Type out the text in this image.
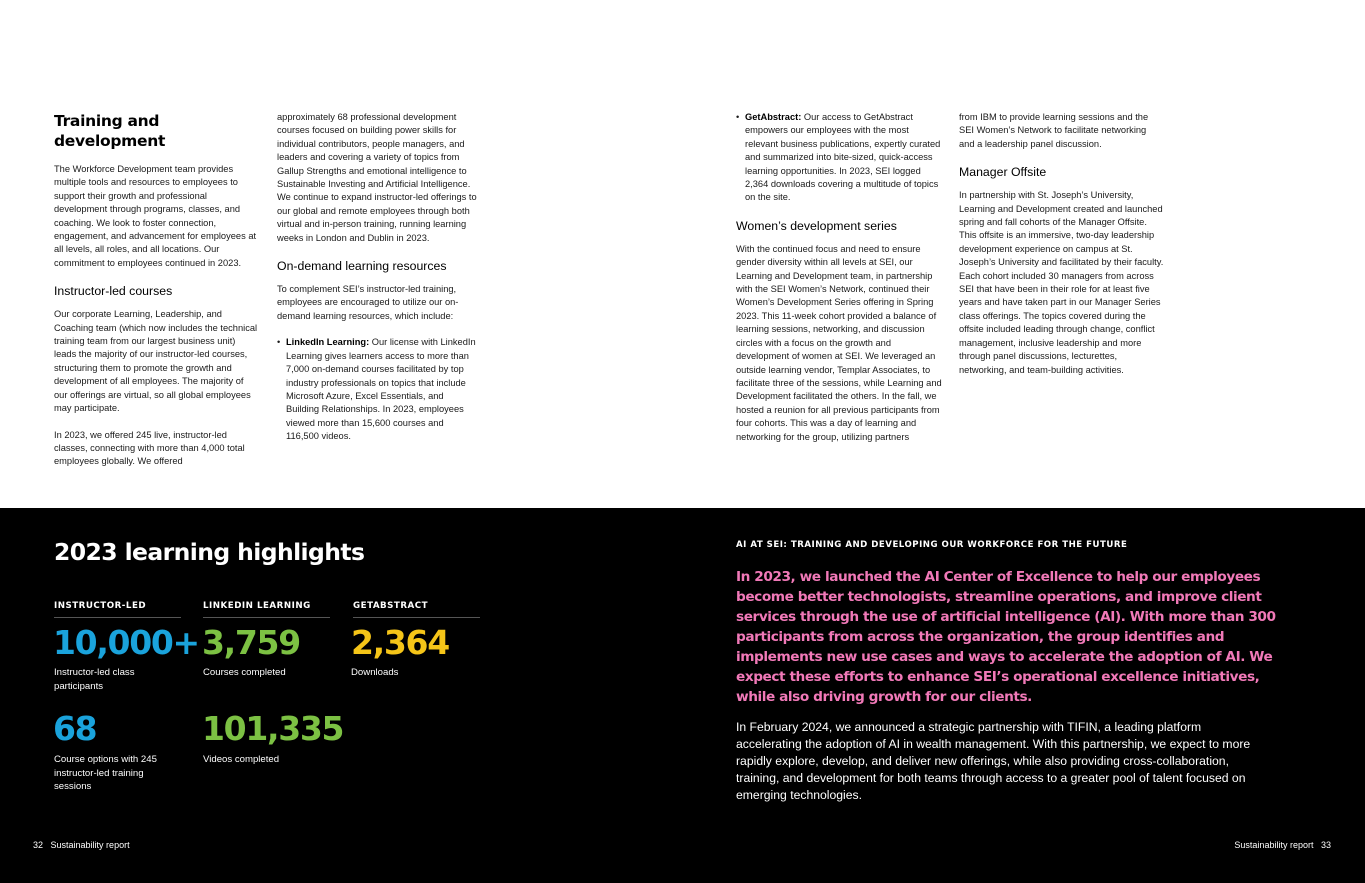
Training and development

The Workforce Development team provides multiple tools and resources to employees to support their growth and professional development through programs, classes, and coaching. We look to foster connection, engagement, and advancement for employees at all levels, all roles, and all locations. Our commitment to employees continued in 2023.

Instructor-led courses

Our corporate Learning, Leadership, and Coaching team (which now includes the technical training team from our largest business unit) leads the majority of our instructor-led courses, structuring them to promote the growth and development of all employees. The majority of our offerings are virtual, so all global employees may participate.

In 2023, we offered 245 live, instructor-led classes, connecting with more than 4,000 total employees globally. We offered

approximately 68 professional development courses focused on building power skills for individual contributors, people managers, and leaders and covering a variety of topics from Gallup Strengths and emotional intelligence to Sustainable Investing and Artificial Intelligence. We continue to expand instructor-led offerings to our global and remote employees through both virtual and in-person training, running learning weeks in London and Dublin in 2023.

On-demand learning resources

To complement SEI’s instructor-led training, employees are encouraged to utilize our on-demand learning resources, which include:

• LinkedIn Learning: Our license with LinkedIn Learning gives learners access to more than 7,000 on-demand courses facilitated by top industry professionals on topics that include Microsoft Azure, Excel Essentials, and Building Relationships. In 2023, employees viewed more than 15,600 courses and 116,500 videos.
• GetAbstract: Our access to GetAbstract empowers our employees with the most relevant business publications, expertly curated and summarized into bite-sized, quick-access learning opportunities. In 2023, SEI logged 2,364 downloads covering a multitude of topics on the site.
Women’s development series

With the continued focus and need to ensure gender diversity within all levels at SEI, our Learning and Development team, in partnership with the SEI Women’s Network, continued their Women’s Development Series offering in Spring 2023. This 11-week cohort provided a balance of learning sessions, networking, and discussion circles with a focus on the growth and development of women at SEI. We leveraged an outside learning vendor, Templar Associates, to facilitate three of the sessions, while Learning and Development facilitated the others. In the fall, we hosted a reunion for all previous participants from four cohorts. This was a day of learning and networking for the group, utilizing partners

from IBM to provide learning sessions and the SEI Women’s Network to facilitate networking and a leadership panel discussion.

Manager Offsite

In partnership with St. Joseph’s University, Learning and Development created and launched spring and fall cohorts of the Manager Offsite. This offsite is an immersive, two-day leadership development experience on campus at St. Joseph’s University and facilitated by their faculty. Each cohort included 30 managers from across SEI that have been in their role for at least five years and have taken part in our Manager Series class offerings. The topics covered during the offsite included leading through change, conflict management, inclusive leadership and more through panel discussions, lecturettes, networking, and team-building activities.

2023 learning highlights
INSTRUCTOR-LED	LINKEDIN LEARNING	GETABSTRACT
10,000+
Instructor-led class participants
3,759
Courses completed
2,364
Downloads
68
Course options with 245 instructor-led training sessions
101,335
Videos completed
AI AT SEI: TRAINING AND DEVELOPING OUR WORKFORCE FOR THE FUTURE
In 2023, we launched the AI Center of Excellence to help our employees become better technologists, streamline operations, and improve client services through the use of artificial intelligence (AI). With more than 300 participants from across the organization, the group identifies and implements new use cases and ways to accelerate the adoption of AI. We expect these efforts to enhance SEI’s operational excellence initiatives, while also driving growth for our clients.
In February 2024, we announced a strategic partnership with TIFIN, a leading platform accelerating the adoption of AI in wealth management. With this partnership, we expect to more rapidly explore, develop, and deliver new offerings, while also providing cross-collaboration, training, and development for both teams through access to a greater pool of talent focused on emerging technologies.
32 Sustainability report	Sustainability report 33
